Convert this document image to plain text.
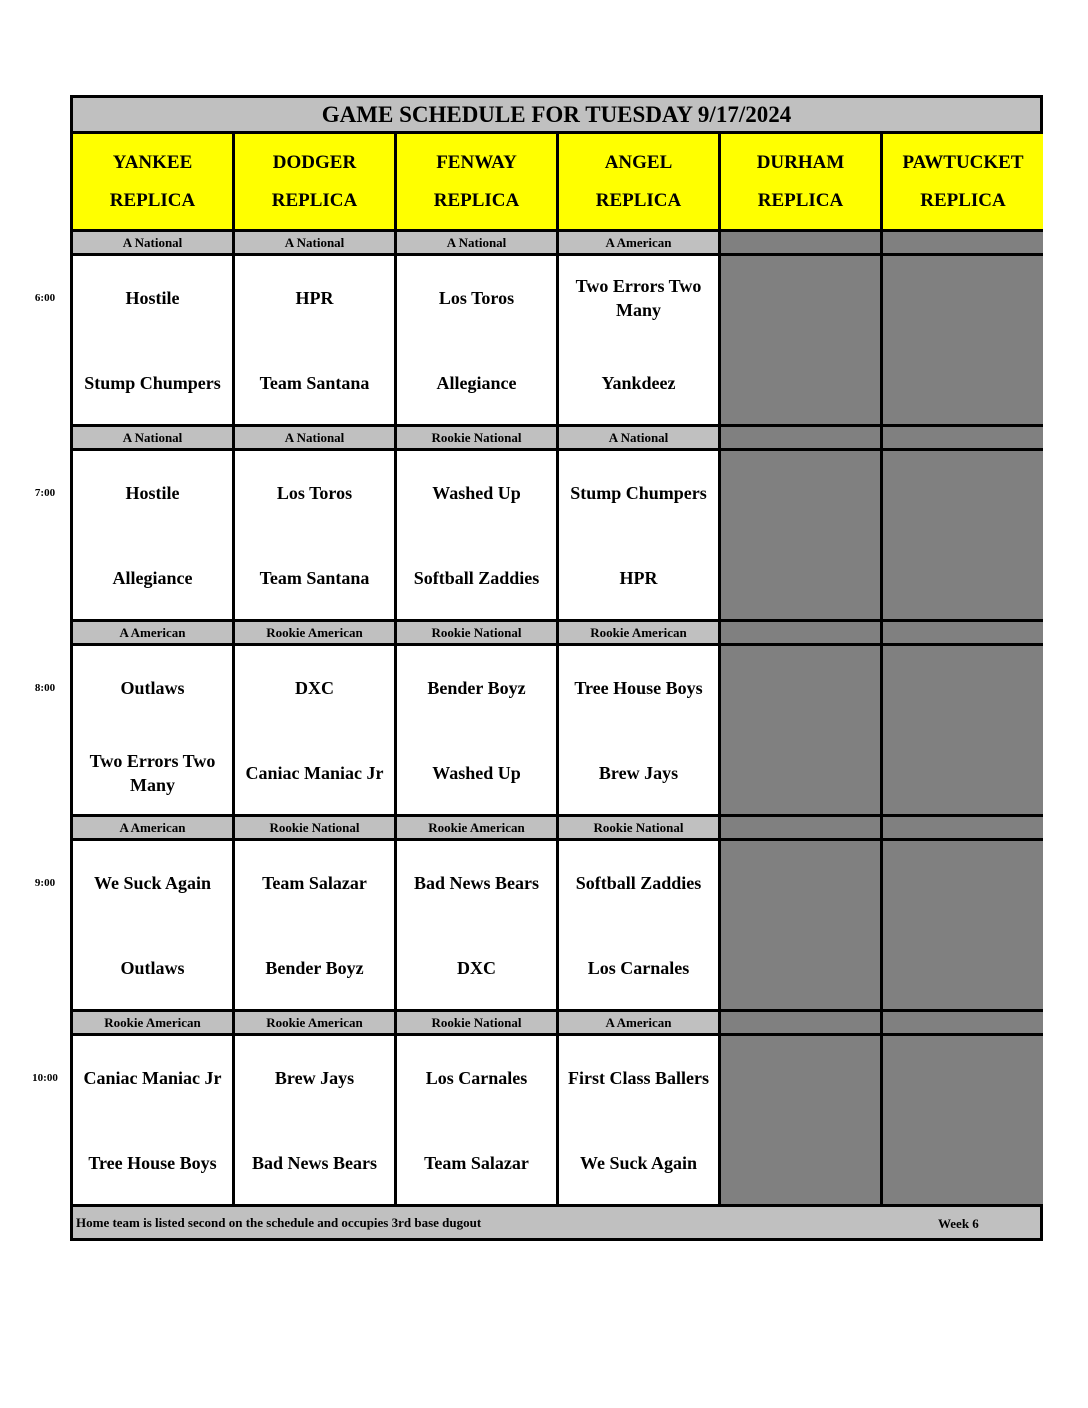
GAME SCHEDULE FOR TUESDAY 9/17/2024
YANKEE
REPLICA
DODGER
REPLICA
FENWAY
REPLICA
ANGEL
REPLICA
DURHAM
REPLICA
PAWTUCKET
REPLICA
A National
Hostile
Stump Chumpers
A National
HPR
Team Santana
A National
Los Toros
Allegiance
A American
Two Errors Two Many
Yankdeez
A National
Hostile
Allegiance
A National
Los Toros
Team Santana
Rookie National
Washed Up
Softball Zaddies
A National
Stump Chumpers
HPR
A American
Outlaws
Two Errors Two Many
Rookie American
DXC
Caniac Maniac Jr
Rookie National
Bender Boyz
Washed Up
Rookie American
Tree House Boys
Brew Jays
A American
We Suck Again
Outlaws
Rookie National
Team Salazar
Bender Boyz
Rookie American
Bad News Bears
DXC
Rookie National
Softball Zaddies
Los Carnales
Rookie American
Caniac Maniac Jr
Tree House Boys
Rookie American
Brew Jays
Bad News Bears
Rookie National
Los Carnales
Team Salazar
A American
First Class Ballers
We Suck Again
Home team is listed second on the schedule and occupies 3rd base dugout
6:00
7:00
8:00
9:00
10:00
Week 6
